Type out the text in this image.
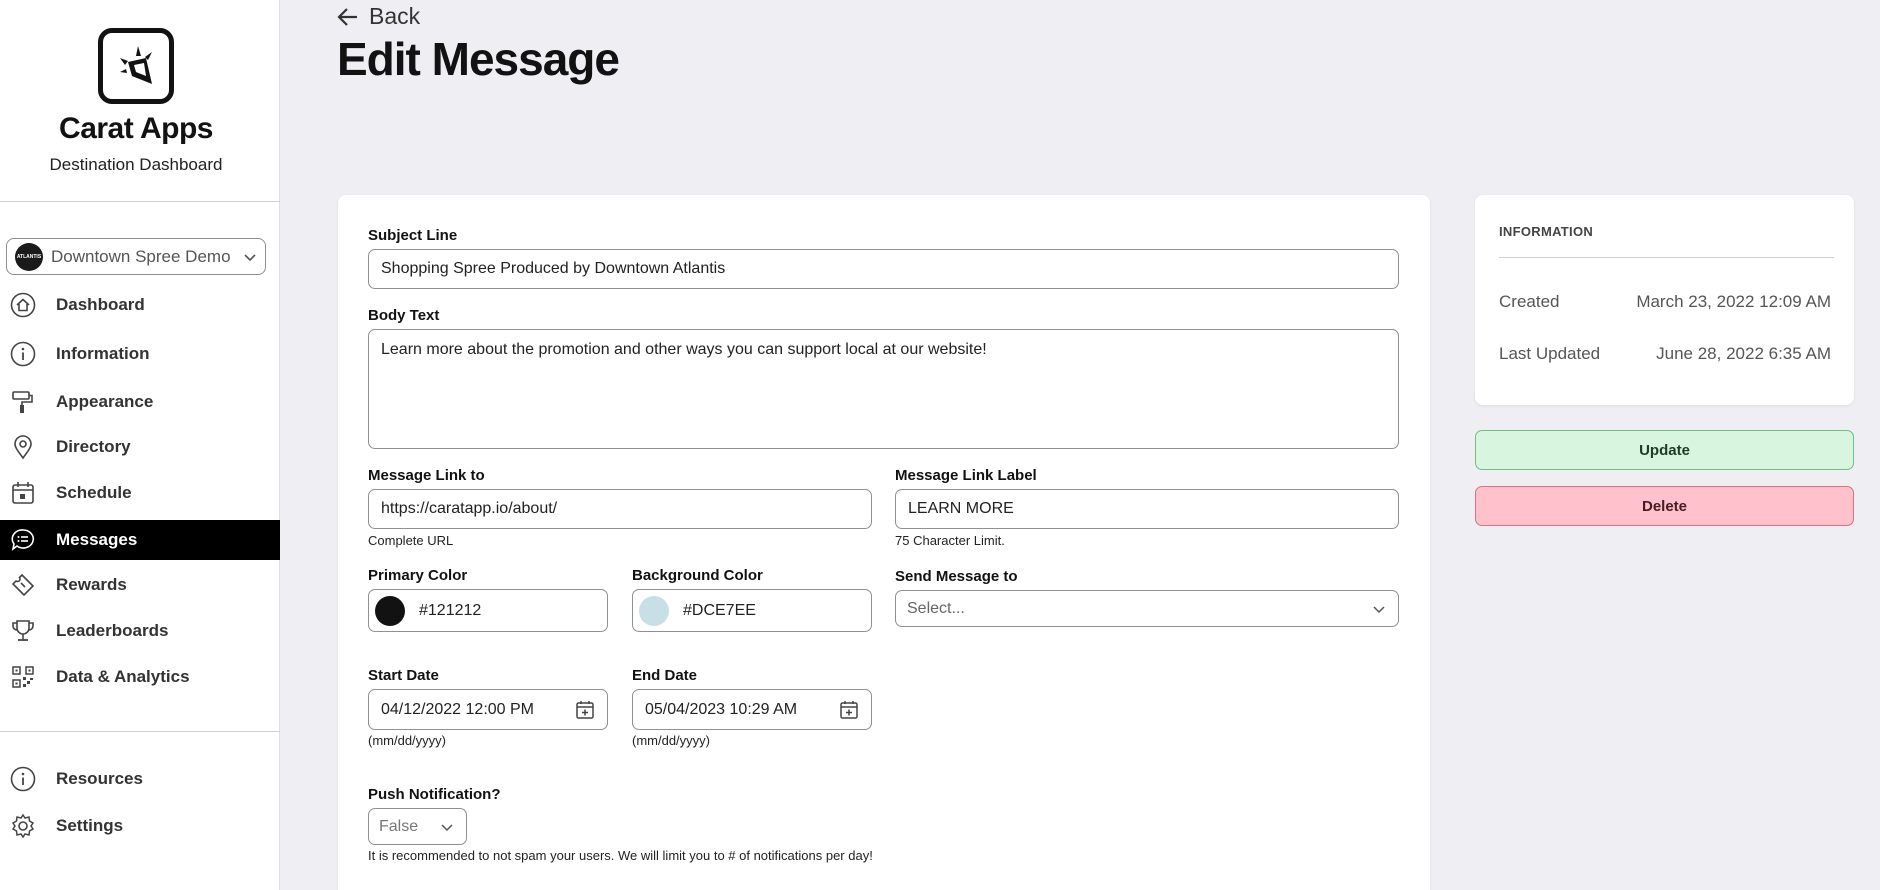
Carat Apps
Destination Dashboard
ATLANTIS Downtown Spree Demo
Dashboard
Information
Appearance
Directory
Schedule
Messages
Rewards
Leaderboards
Data & Analytics
Resources
Settings
Back
Edit Message
Subject Line
Shopping Spree Produced by Downtown Atlantis
Body Text
Learn more about the promotion and other ways you can support local at our website!
Message Link to
https://caratapp.io/about/
Complete URL
Message Link Label
LEARN MORE
75 Character Limit.
Primary Color
#121212
Background Color
#DCE7EE
Send Message to
Select...
Start Date
04/12/2022 12:00 PM
(mm/dd/yyyy)
End Date
05/04/2023 10:29 AM
(mm/dd/yyyy)
Push Notification?
False
It is recommended to not spam your users. We will limit you to # of notifications per day!
INFORMATION
Created	March 23, 2022 12:09 AM
Last Updated	June 28, 2022 6:35 AM
Update
Delete
